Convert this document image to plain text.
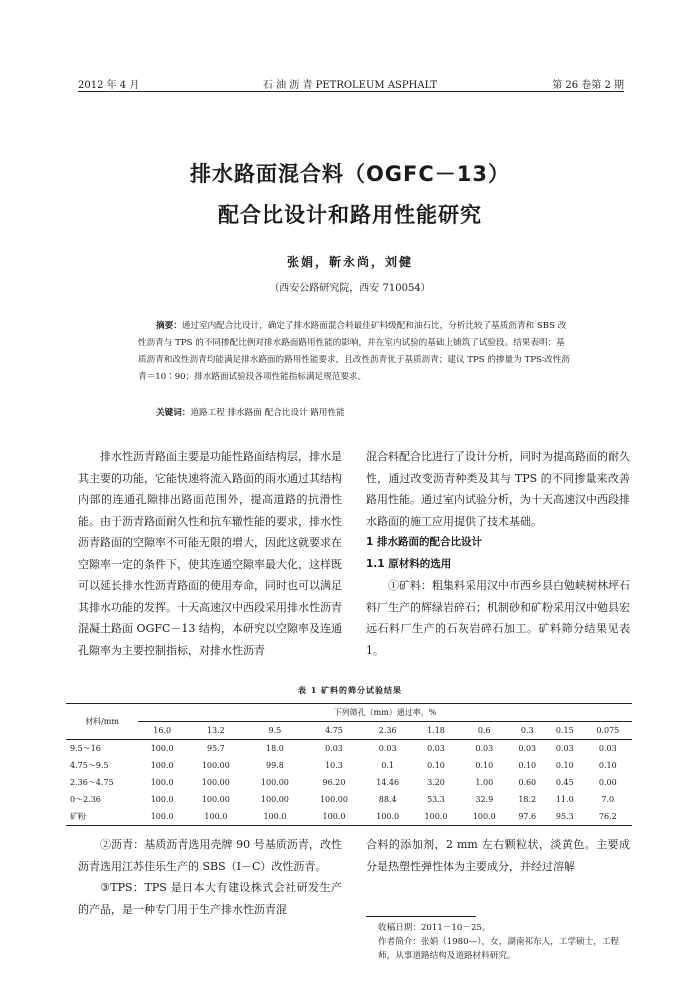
2012 年 4 月	石 油 沥 青 PETROLEUM ASPHALT	第 26 卷第 2 期
排水路面混合料（OGFC－13）
配合比设计和路用性能研究
张娟，靳永尚，刘健
（西安公路研究院，西安 710054）

摘要：通过室内配合比设计，确定了排水路面混合料最佳矿料级配和油石比，分析比较了基质沥青和 SBS 改性沥青与 TPS 的不同掺配比例对排水路面路用性能的影响，并在室内试验的基础上铺筑了试验段。结果表明：基质沥青和改性沥青均能满足排水路面的路用性能要求，且改性沥青优于基质沥青；建议 TPS 的掺量为 TPS∶改性沥青＝10∶90；排水路面试验段各项性能指标满足规范要求。

关键词：道路工程 排水路面 配合比设计 路用性能

排水性沥青路面主要是功能性路面结构层，排水是其主要的功能，它能快速将流入路面的雨水通过其结构内部的连通孔隙排出路面范围外，提高道路的抗滑性能。由于沥青路面耐久性和抗车辙性能的要求，排水性沥青路面的空隙率不可能无限的增大，因此这就要求在空隙率一定的条件下，使其连通空隙率最大化，这样既可以延长排水性沥青路面的使用寿命，同时也可以满足其排水功能的发挥。十天高速汉中西段采用排水性沥青混凝土路面 OGFC－13 结构，本研究以空隙率及连通孔隙率为主要控制指标，对排水性沥青

混合料配合比进行了设计分析，同时为提高路面的耐久性，通过改变沥青种类及其与 TPS 的不同掺量来改善路用性能。通过室内试验分析，为十天高速汉中西段排水路面的施工应用提供了技术基础。

1 排水路面的配合比设计

1.1 原材料的选用

①矿料：粗集料采用汉中市西乡县白勉峡树林坪石料厂生产的辉绿岩碎石；机制砂和矿粉采用汉中勉县宏远石料厂生产的石灰岩碎石加工。矿料筛分结果见表 1。

表 1 矿料的筛分试验结果
材料/mm	下列筛孔（mm）通过率，%									
	16.0	13.2	9.5	4.75	2.36	1.18	0.6	0.3	0.15	0.075
9.5～16	100.0	95.7	18.0	0.03	0.03	0.03	0.03	0.03	0.03	0.03
4.75～9.5	100.0	100.00	99.8	10.3	0.1	0.10	0.10	0.10	0.10	0.10
2.36～4.75	100.0	100.00	100.00	96.20	14.46	3.20	1.00	0.60	0.45	0.00
0～2.36	100.0	100.00	100.00	100.00	88.4	53.3	32.9	18.2	11.0	7.0
矿粉	100.0	100.0	100.0	100.0	100.0	100.0	100.0	97.6	95.3	76.2

②沥青：基质沥青选用壳牌 90 号基质沥青，改性沥青选用江苏佳乐生产的 SBS（I－C）改性沥青。

③TPS：TPS 是日本大有建设株式会社研发生产的产品，是一种专门用于生产排水性沥青混

合料的添加剂，2 mm 左右颗粒状，淡黄色。主要成分是热塑性弹性体为主要成分，并经过溶解

收稿日期：2011－10－25。
作者简介：张娟（1980—），女，湖南祁东人，工学硕士，工程师，从事道路结构及道路材料研究。
